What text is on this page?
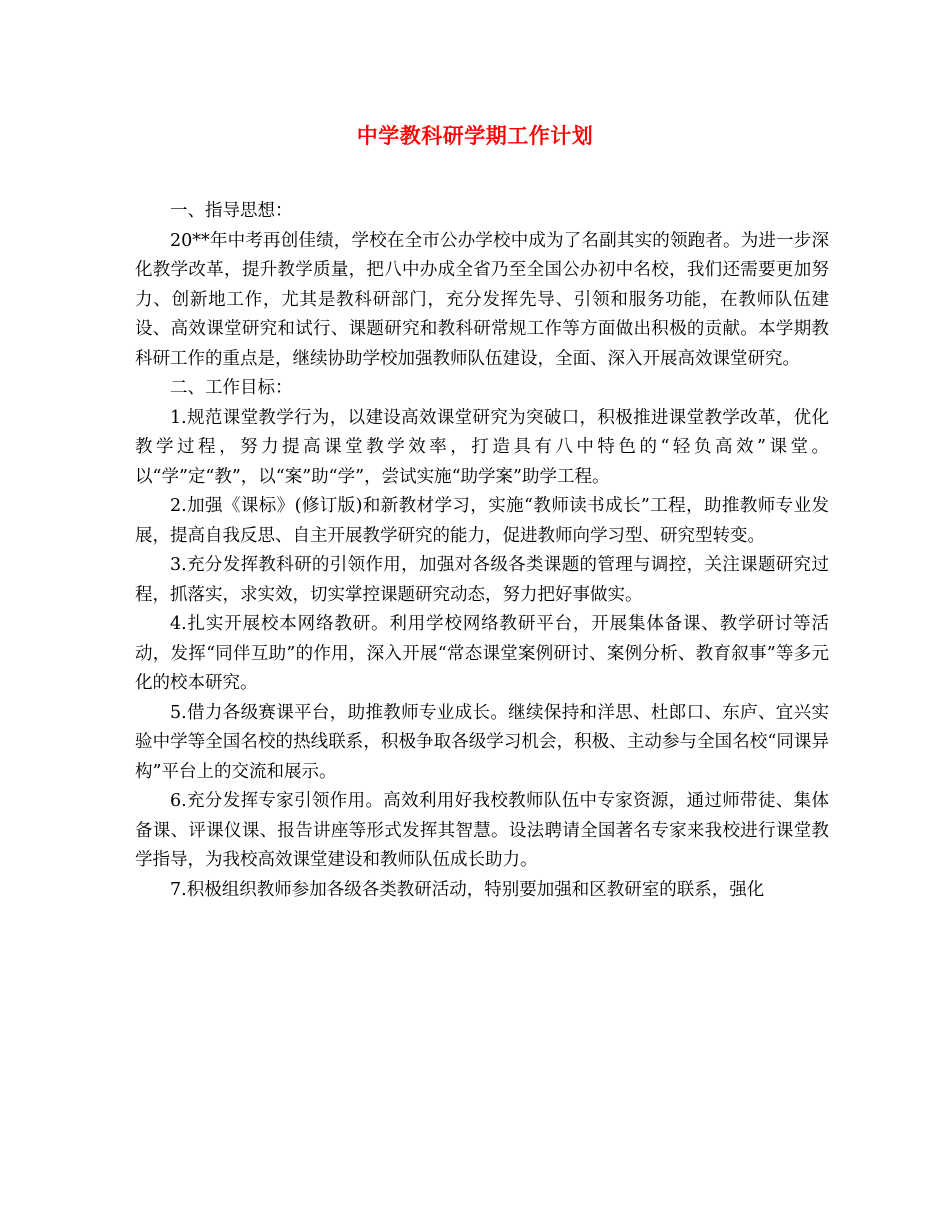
中学教科研学期工作计划

一、指导思想：

20**年中考再创佳绩，学校在全市公办学校中成为了名副其实的领跑者。为进一步深化教学改革，提升教学质量，把八中办成全省乃至全国公办初中名校，我们还需要更加努力、创新地工作，尤其是教科研部门，充分发挥先导、引领和服务功能，在教师队伍建设、高效课堂研究和试行、课题研究和教科研常规工作等方面做出积极的贡献。本学期教科研工作的重点是，继续协助学校加强教师队伍建设，全面、深入开展高效课堂研究。

二、工作目标：

1.规范课堂教学行为，以建设高效课堂研究为突破口，积极推进课堂教学改革，优化教学过程，努力提高课堂教学效率，打造具有八中特色的“轻负高效”课堂。以“学”定“教”，以“案”助“学”，尝试实施“助学案”助学工程。

2.加强《课标》(修订版)和新教材学习，实施“教师读书成长”工程，助推教师专业发展，提高自我反思、自主开展教学研究的能力，促进教师向学习型、研究型转变。

3.充分发挥教科研的引领作用，加强对各级各类课题的管理与调控，关注课题研究过程，抓落实，求实效，切实掌控课题研究动态，努力把好事做实。

4.扎实开展校本网络教研。利用学校网络教研平台，开展集体备课、教学研讨等活动，发挥“同伴互助”的作用，深入开展“常态课堂案例研讨、案例分析、教育叙事”等多元化的校本研究。

5.借力各级赛课平台，助推教师专业成长。继续保持和洋思、杜郎口、东庐、宜兴实验中学等全国名校的热线联系，积极争取各级学习机会，积极、主动参与全国名校“同课异构”平台上的交流和展示。

6.充分发挥专家引领作用。高效利用好我校教师队伍中专家资源，通过师带徒、集体备课、评课仪课、报告讲座等形式发挥其智慧。设法聘请全国著名专家来我校进行课堂教学指导，为我校高效课堂建设和教师队伍成长助力。

7.积极组织教师参加各级各类教研活动，特别要加强和区教研室的联系，强化
